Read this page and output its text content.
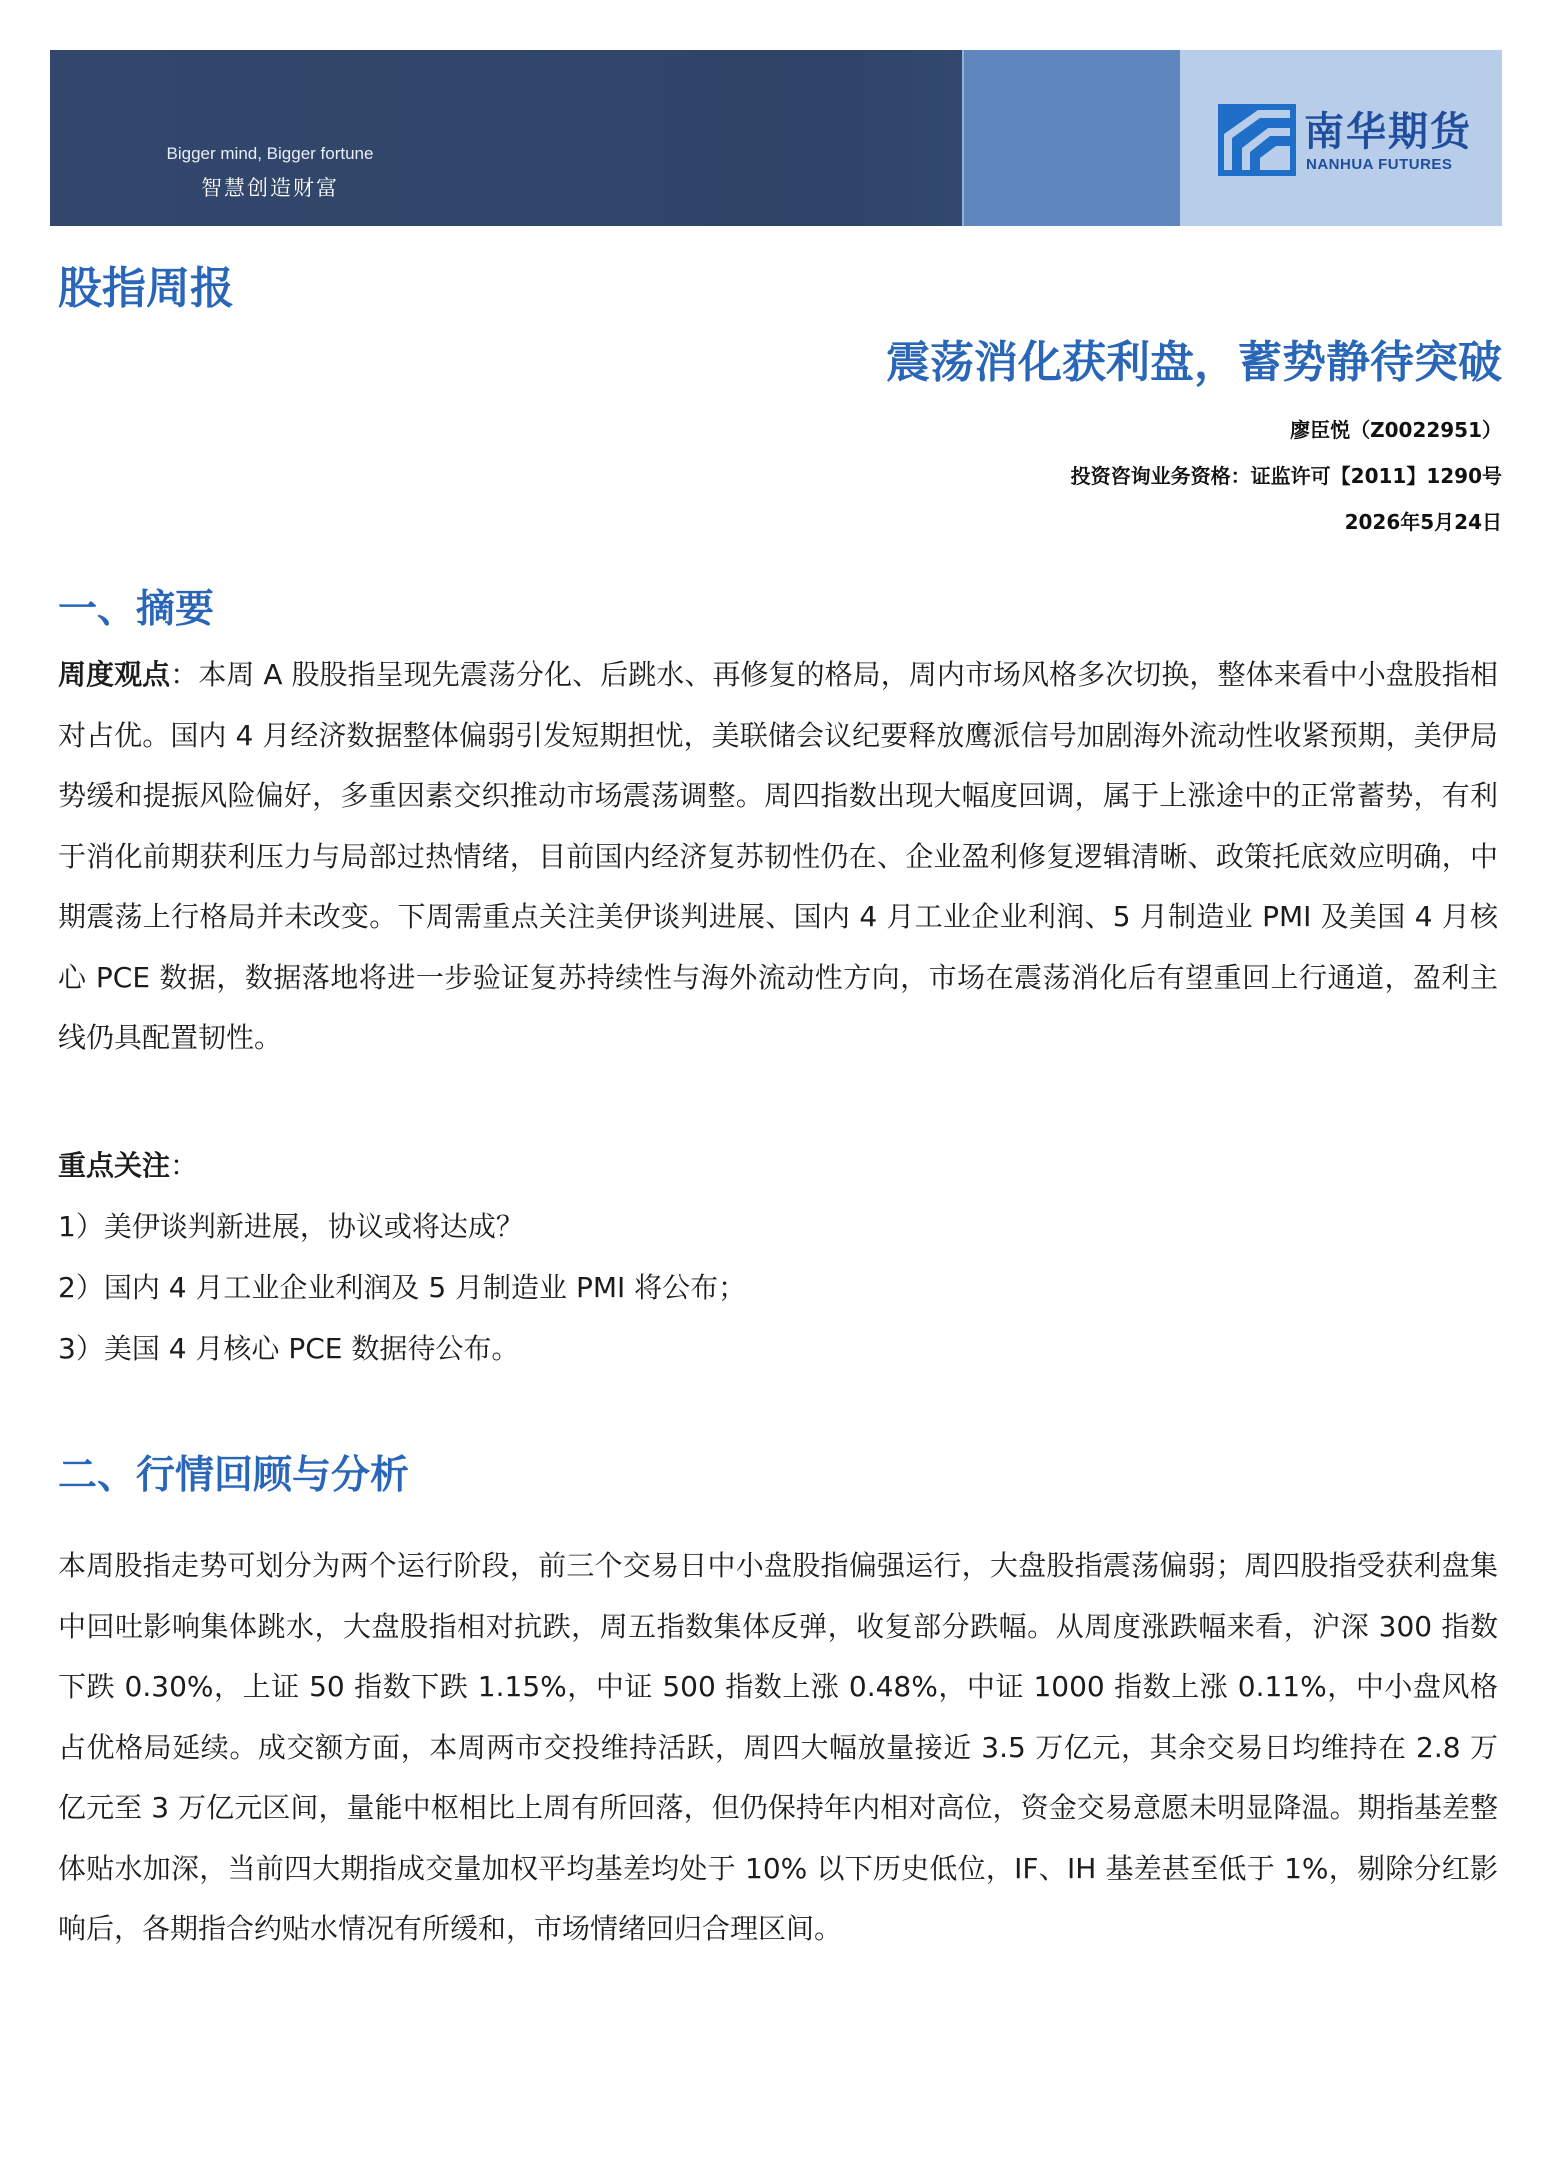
Bigger mind, Bigger fortune
智慧创造财富
南华期货
NANHUA FUTURES
股指周报
震荡消化获利盘，蓄势静待突破
廖臣悦（Z0022951）
投资咨询业务资格：证监许可【2011】1290号
2026年5月24日
一、摘要
周度观点：本周 A 股股指呈现先震荡分化、后跳水、再修复的格局，周内市场风格多次切换，整体来看中小盘股指相对占优。国内 4 月经济数据整体偏弱引发短期担忧，美联储会议纪要释放鹰派信号加剧海外流动性收紧预期，美伊局势缓和提振风险偏好，多重因素交织推动市场震荡调整。周四指数出现大幅度回调，属于上涨途中的正常蓄势，有利于消化前期获利压力与局部过热情绪，目前国内经济复苏韧性仍在、企业盈利修复逻辑清晰、政策托底效应明确，中期震荡上行格局并未改变。下周需重点关注美伊谈判进展、国内 4 月工业企业利润、5 月制造业 PMI 及美国 4 月核心 PCE 数据，数据落地将进一步验证复苏持续性与海外流动性方向，市场在震荡消化后有望重回上行通道，盈利主线仍具配置韧性。
重点关注：
1）美伊谈判新进展，协议或将达成？
2）国内 4 月工业企业利润及 5 月制造业 PMI 将公布；
3）美国 4 月核心 PCE 数据待公布。
二、行情回顾与分析
本周股指走势可划分为两个运行阶段，前三个交易日中小盘股指偏强运行，大盘股指震荡偏弱；周四股指受获利盘集中回吐影响集体跳水，大盘股指相对抗跌，周五指数集体反弹，收复部分跌幅。从周度涨跌幅来看，沪深 300 指数下跌 0.30%，上证 50 指数下跌 1.15%，中证 500 指数上涨 0.48%，中证 1000 指数上涨 0.11%，中小盘风格占优格局延续。成交额方面，本周两市交投维持活跃，周四大幅放量接近 3.5 万亿元，其余交易日均维持在 2.8 万亿元至 3 万亿元区间，量能中枢相比上周有所回落，但仍保持年内相对高位，资金交易意愿未明显降温。期指基差整体贴水加深，当前四大期指成交量加权平均基差均处于 10% 以下历史低位，IF、IH 基差甚至低于 1%，剔除分红影响后，各期指合约贴水情况有所缓和，市场情绪回归合理区间。
